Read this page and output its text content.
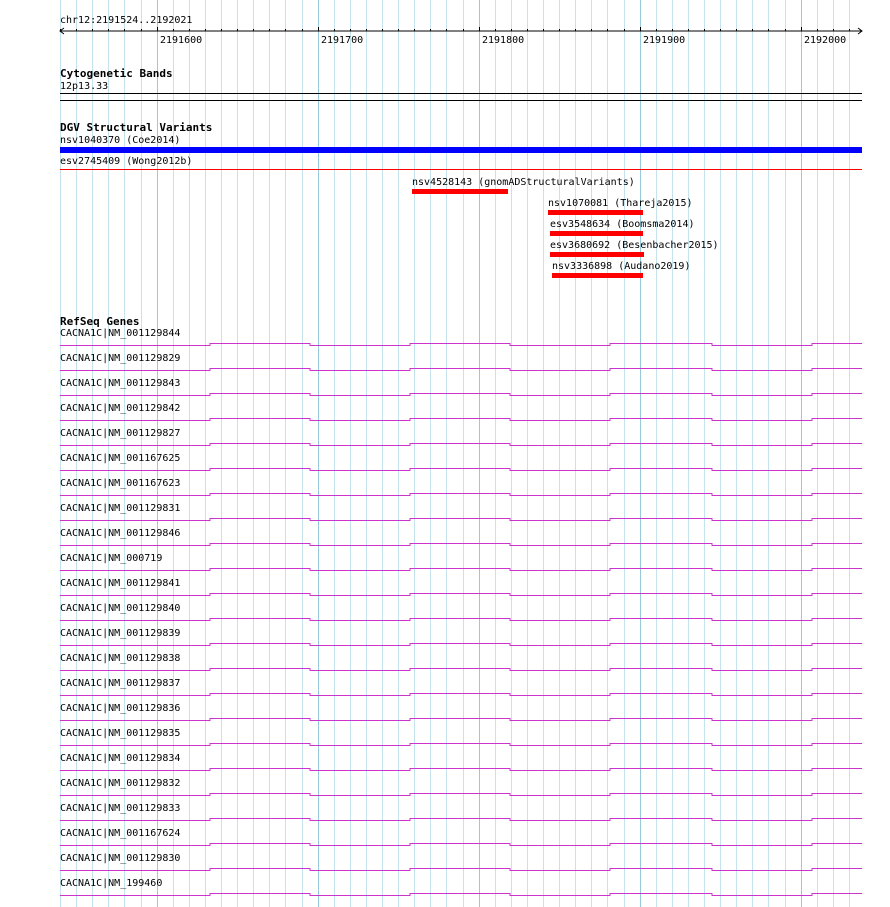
chr12:2191524..2192021
2191600	2191700	2191800	2191900	2192000
Cytogenetic Bands
12p13.33
DGV Structural Variants
nsv1040370 (Coe2014)
esv2745409 (Wong2012b)
nsv4528143 (gnomADStructuralVariants)
nsv1070081 (Thareja2015)
esv3548634 (Boomsma2014)
esv3680692 (Besenbacher2015)
nsv3336898 (Audano2019)
RefSeq Genes
CACNA1C|NM_001129844
CACNA1C|NM_001129829
CACNA1C|NM_001129843
CACNA1C|NM_001129842
CACNA1C|NM_001129827
CACNA1C|NM_001167625
CACNA1C|NM_001167623
CACNA1C|NM_001129831
CACNA1C|NM_001129846
CACNA1C|NM_000719
CACNA1C|NM_001129841
CACNA1C|NM_001129840
CACNA1C|NM_001129839
CACNA1C|NM_001129838
CACNA1C|NM_001129837
CACNA1C|NM_001129836
CACNA1C|NM_001129835
CACNA1C|NM_001129834
CACNA1C|NM_001129832
CACNA1C|NM_001129833
CACNA1C|NM_001167624
CACNA1C|NM_001129830
CACNA1C|NM_199460
